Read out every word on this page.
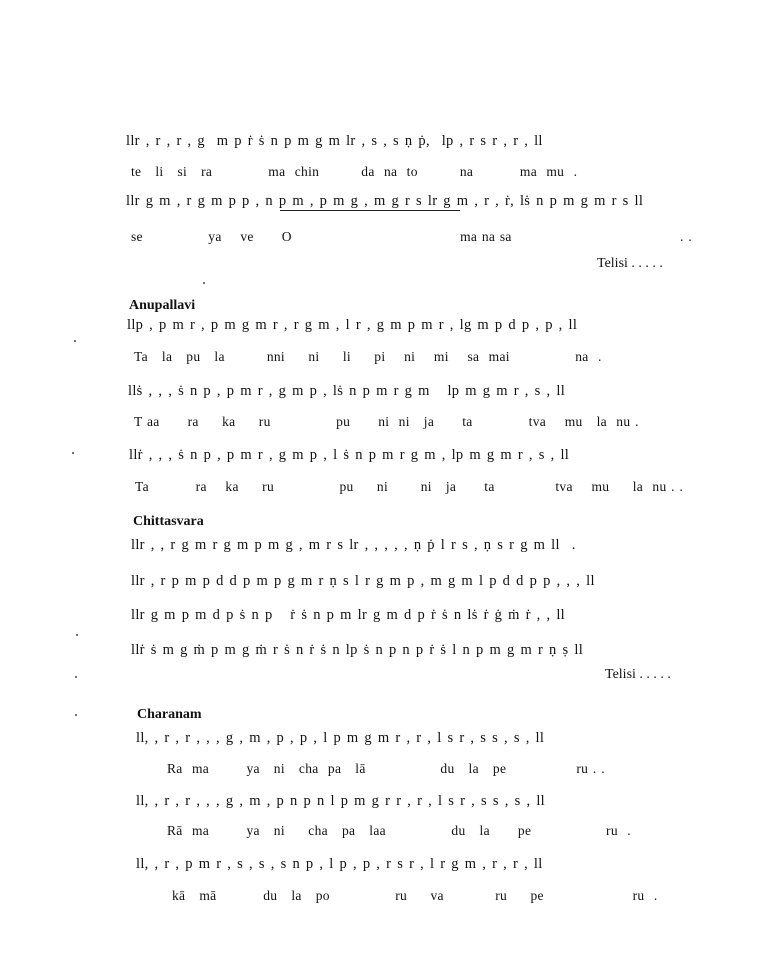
llr , r , r , g  m p ṙ ṡ n p m g m lr , s , s ṇ ṗ,  lp , r s r , r , ll
te   li   si   ra            ma  chin         da  na  to         na          ma  mu  .
llr g m , r g m p p , n p m , p m g , m g r s lr g m , r , ṙ, lṡ n p m g m r s ll
se              ya    ve      O                                    ma na sa                                    . .
Telisi . . . . .
Anupallavi
llp , p m r , p m g m r , r g m , l r , g m p m r , lg m p d p , p , ll
Ta   la   pu   la         nni     ni     li     pi    ni    mi    sa  mai              na  .
llṡ , , , ṡ n p , p m r , g m p , lṡ n p m r g m   lp m g m r , s , ll
T aa      ra     ka     ru              pu      ni  ni   ja      ta            tva    mu   la  nu .
llṙ , , , ṡ n p , p m r , g m p , l ṡ n p m r g m , lp m g m r , s , ll
Ta          ra    ka     ru              pu     ni       ni   ja      ta             tva    mu     la  nu . .
Chittasvara
llr , , r g m r g m p m g , m r s lr , , , , , ṇ ṗ l r s , ṇ s r g m ll  .
llr , r p m p d d p m p g m r ṇ s l r g m p , m g m l p d d p p , , , ll
llr g m p m d p ṡ n p   ṙ ṡ n p m lr g m d p ṙ ṡ n lṡ ṙ ġ ṁ ṙ , , ll
llṙ ṡ m g ṁ p m g ṁ r ṡ n ṙ ṡ n lp ṡ n p n p ṙ ṡ l n p m g m r ṇ ṣ ll
Telisi . . . . .
Charanam
ll, , r , r , , , g , m , p , p , l p m g m r , r , l s r , s s , s , ll
Ra  ma        ya   ni   cha  pa   lā                du   la   pe               ru . .
ll, , r , r , , , g , m , p n p n l p m g r r , r , l s r , s s , s , ll
Rā  ma        ya   ni     cha   pa   laa              du   la      pe                ru  .
ll, , r , p m r , s , s , s n p , l p , p , r s r , l r g m , r , r , ll
kā   mā          du   la   po              ru     va           ru     pe                   ru  .
